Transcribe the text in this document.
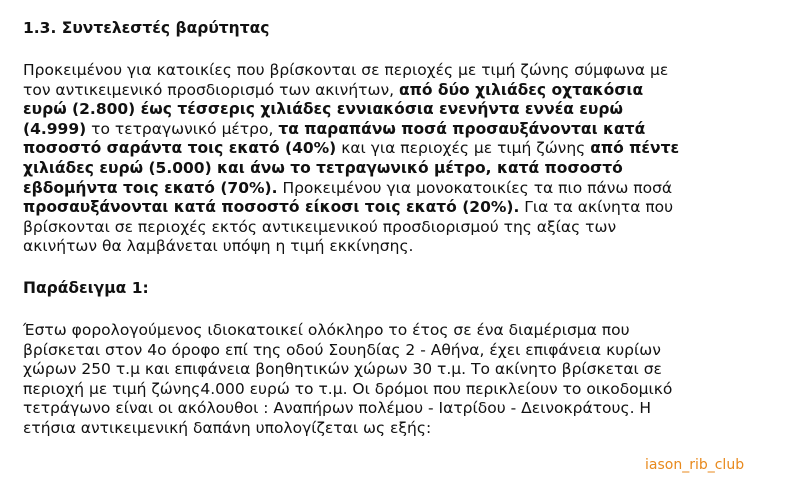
1.3. Συντελεστές βαρύτητας

Προκειμένου για κατοικίες που βρίσκονται σε περιοχές με τιμή ζώνης σύμφωνα με
τον αντικειμενικό προσδιορισμό των ακινήτων, από δύο χιλιάδες οχτακόσια
ευρώ (2.800) έως τέσσερις χιλιάδες εννιακόσια ενενήντα εννέα ευρώ
(4.999) το τετραγωνικό μέτρο, τα παραπάνω ποσά προσαυξάνονται κατά
ποσοστό σαράντα τοις εκατό (40%) και για περιοχές με τιμή ζώνης από πέντε
χιλιάδες ευρώ (5.000) και άνω το τετραγωνικό μέτρο, κατά ποσοστό
εβδομήντα τοις εκατό (70%). Προκειμένου για μονοκατοικίες τα πιο πάνω ποσά
προσαυξάνονται κατά ποσοστό είκοσι τοις εκατό (20%). Για τα ακίνητα που
βρίσκονται σε περιοχές εκτός αντικειμενικού προσδιορισμού της αξίας των
ακινήτων θα λαμβάνεται υπόψη η τιμή εκκίνησης.

Παράδειγμα 1:

Έστω φορολογούμενος ιδιοκατοικεί ολόκληρο το έτος σε ένα διαμέρισμα που
βρίσκεται στον 4ο όροφο επί της οδού Σουηδίας 2 - Αθήνα, έχει επιφάνεια κυρίων
χώρων 250 τ.μ και επιφάνεια βοηθητικών χώρων 30 τ.μ. Το ακίνητο βρίσκεται σε
περιοχή με τιμή ζώνης4.000 ευρώ το τ.μ. Οι δρόμοι που περικλείουν το οικοδομικό
τετράγωνο είναι οι ακόλουθοι : Αναπήρων πολέμου - Ιατρίδου - Δεινοκράτους. Η
ετήσια αντικειμενική δαπάνη υπολογίζεται ως εξής:

iason_rib_club
